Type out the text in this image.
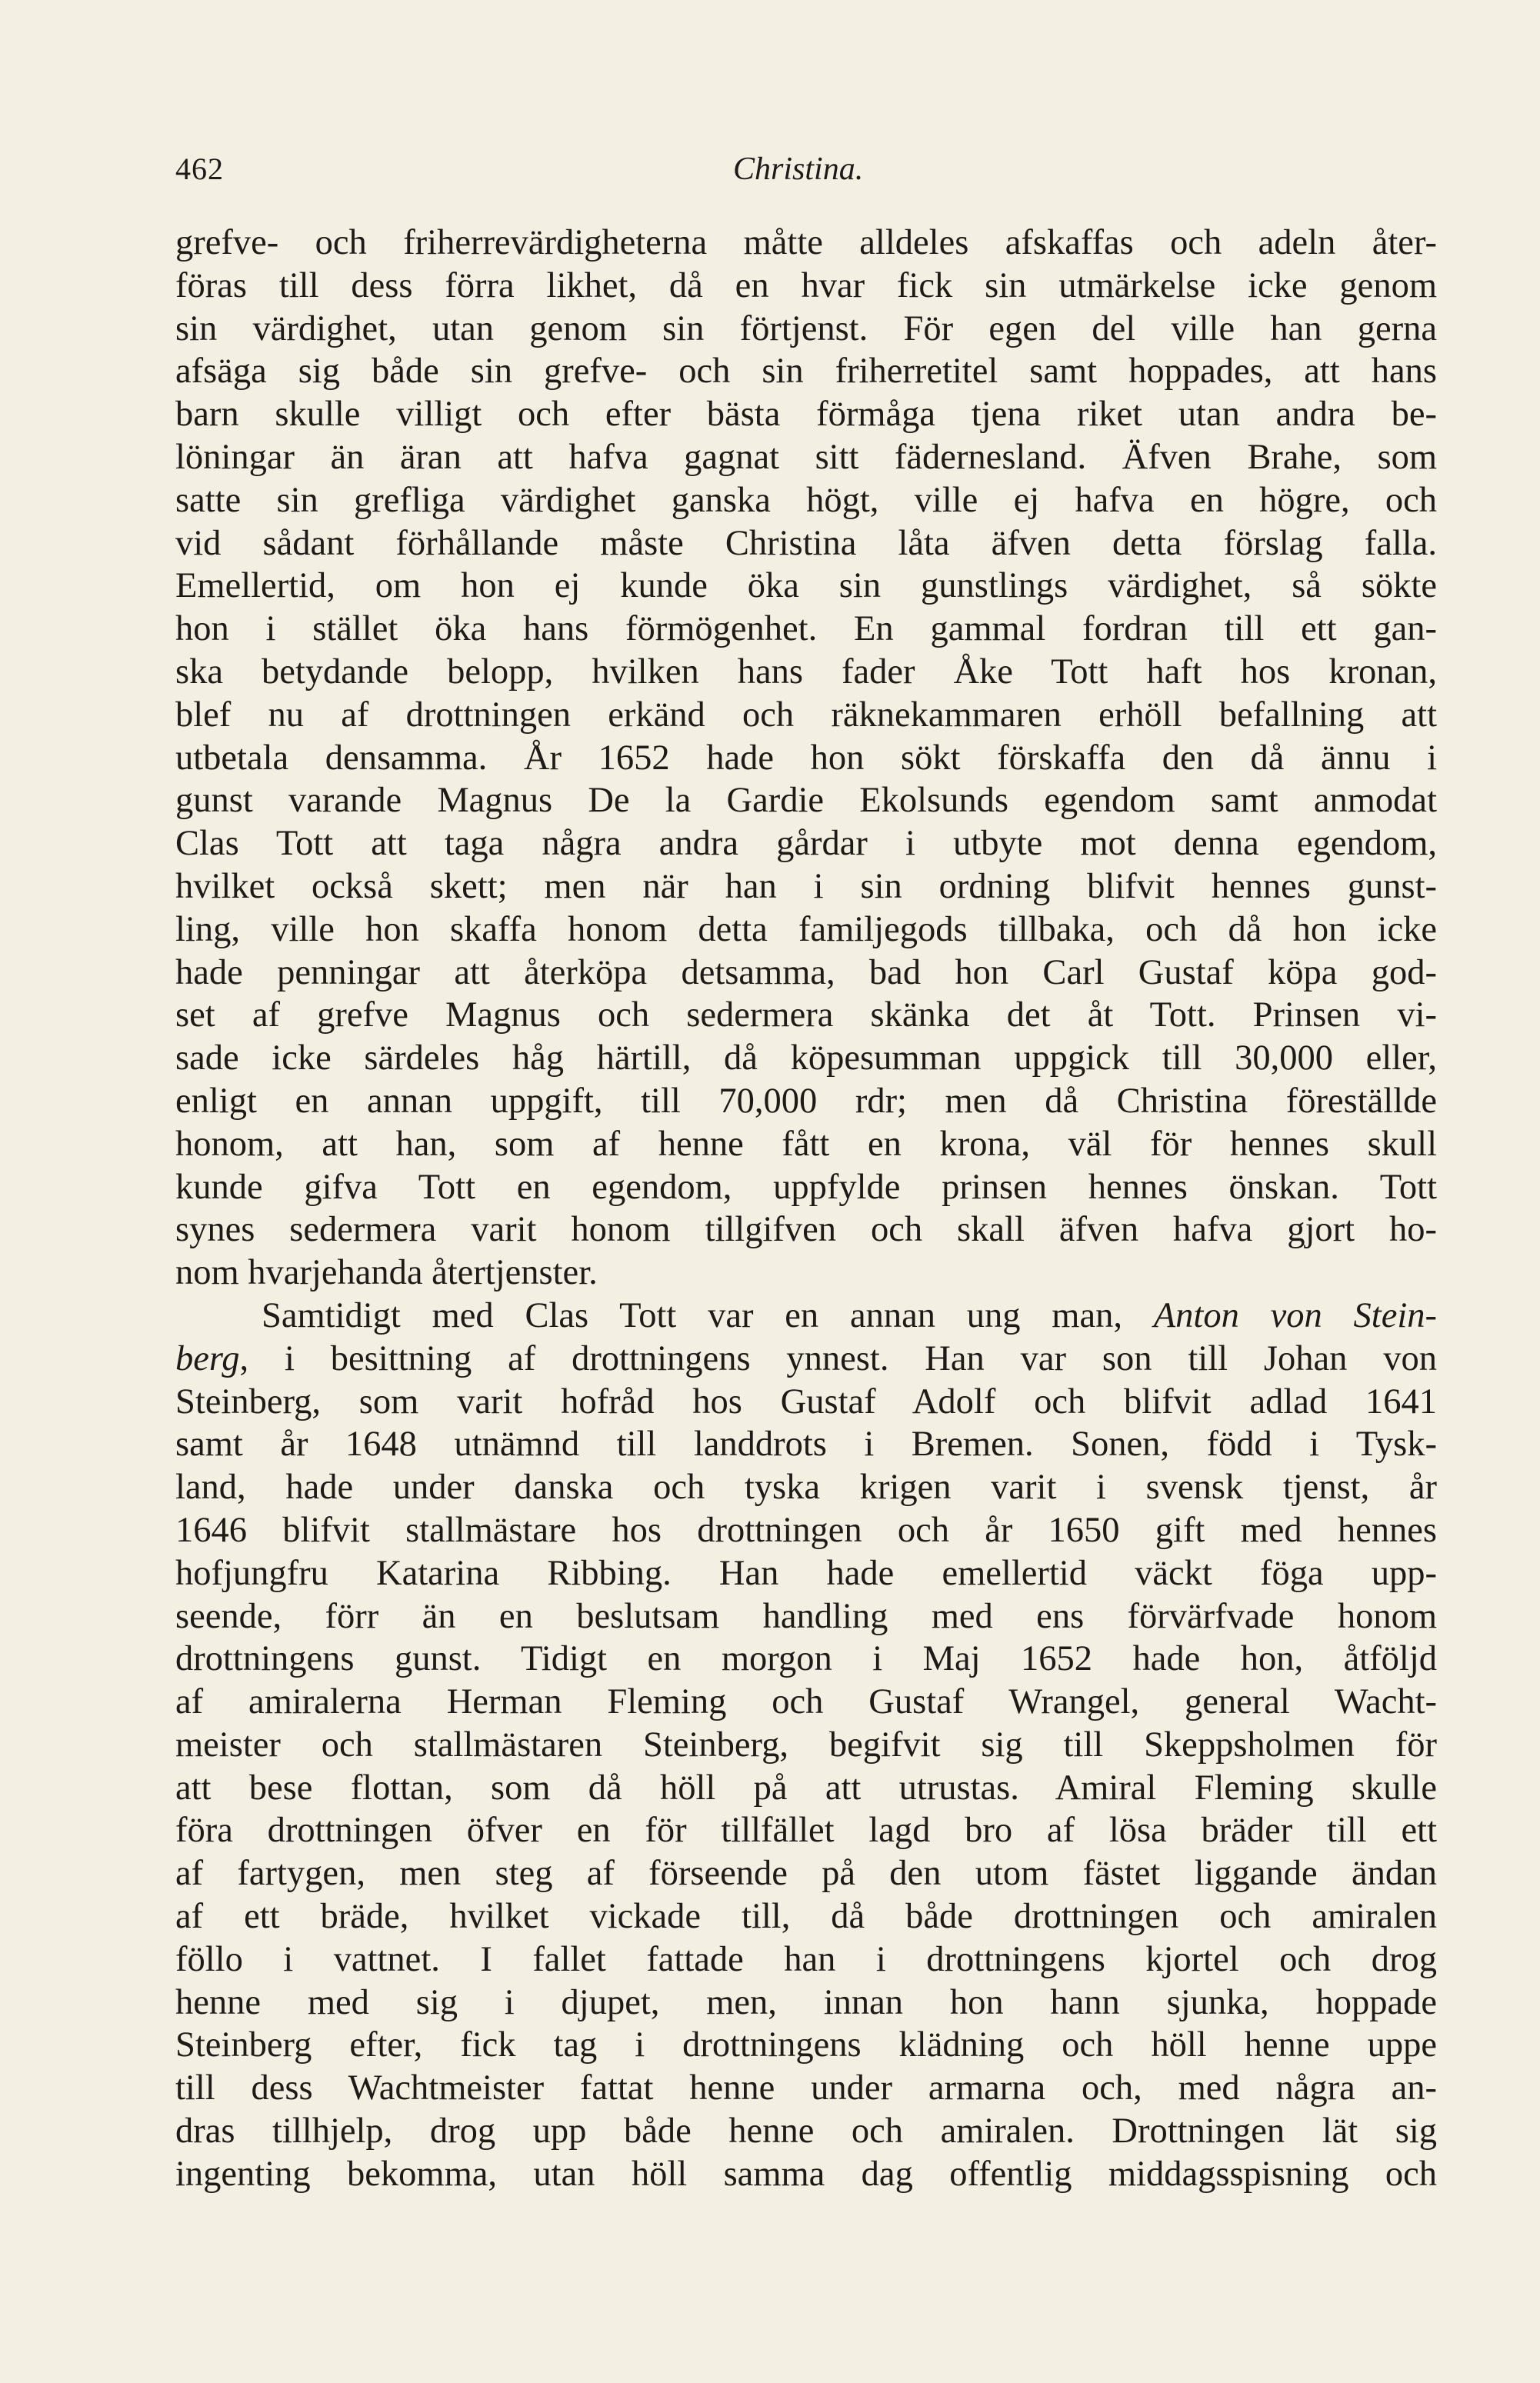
462	Christina.
grefve- och friherrevärdigheterna måtte alldeles afskaffas och adeln åter-
föras till dess förra likhet, då en hvar fick sin utmärkelse icke genom
sin värdighet, utan genom sin förtjenst. För egen del ville han gerna
afsäga sig både sin grefve- och sin friherretitel samt hoppades, att hans
barn skulle villigt och efter bästa förmåga tjena riket utan andra be-
löningar än äran att hafva gagnat sitt fädernesland. Äfven Brahe, som
satte sin grefliga värdighet ganska högt, ville ej hafva en högre, och
vid sådant förhållande måste Christina låta äfven detta förslag falla.
Emellertid, om hon ej kunde öka sin gunstlings värdighet, så sökte
hon i stället öka hans förmögenhet. En gammal fordran till ett gan-
ska betydande belopp, hvilken hans fader Åke Tott haft hos kronan,
blef nu af drottningen erkänd och räknekammaren erhöll befallning att
utbetala densamma. År 1652 hade hon sökt förskaffa den då ännu i
gunst varande Magnus De la Gardie Ekolsunds egendom samt anmodat
Clas Tott att taga några andra gårdar i utbyte mot denna egendom,
hvilket också skett; men när han i sin ordning blifvit hennes gunst-
ling, ville hon skaffa honom detta familjegods tillbaka, och då hon icke
hade penningar att återköpa detsamma, bad hon Carl Gustaf köpa god-
set af grefve Magnus och sedermera skänka det åt Tott. Prinsen vi-
sade icke särdeles håg härtill, då köpesumman uppgick till 30,000 eller,
enligt en annan uppgift, till 70,000 rdr; men då Christina föreställde
honom, att han, som af henne fått en krona, väl för hennes skull
kunde gifva Tott en egendom, uppfylde prinsen hennes önskan. Tott
synes sedermera varit honom tillgifven och skall äfven hafva gjort ho-
nom hvarjehanda återtjenster.
Samtidigt med Clas Tott var en annan ung man, Anton von Stein-
berg, i besittning af drottningens ynnest. Han var son till Johan von
Steinberg, som varit hofråd hos Gustaf Adolf och blifvit adlad 1641
samt år 1648 utnämnd till landdrots i Bremen. Sonen, född i Tysk-
land, hade under danska och tyska krigen varit i svensk tjenst, år
1646 blifvit stallmästare hos drottningen och år 1650 gift med hennes
hofjungfru Katarina Ribbing. Han hade emellertid väckt föga upp-
seende, förr än en beslutsam handling med ens förvärfvade honom
drottningens gunst. Tidigt en morgon i Maj 1652 hade hon, åtföljd
af amiralerna Herman Fleming och Gustaf Wrangel, general Wacht-
meister och stallmästaren Steinberg, begifvit sig till Skeppsholmen för
att bese flottan, som då höll på att utrustas. Amiral Fleming skulle
föra drottningen öfver en för tillfället lagd bro af lösa bräder till ett
af fartygen, men steg af förseende på den utom fästet liggande ändan
af ett bräde, hvilket vickade till, då både drottningen och amiralen
föllo i vattnet. I fallet fattade han i drottningens kjortel och drog
henne med sig i djupet, men, innan hon hann sjunka, hoppade
Steinberg efter, fick tag i drottningens klädning och höll henne uppe
till dess Wachtmeister fattat henne under armarna och, med några an-
dras tillhjelp, drog upp både henne och amiralen. Drottningen lät sig
ingenting bekomma, utan höll samma dag offentlig middagsspisning och
